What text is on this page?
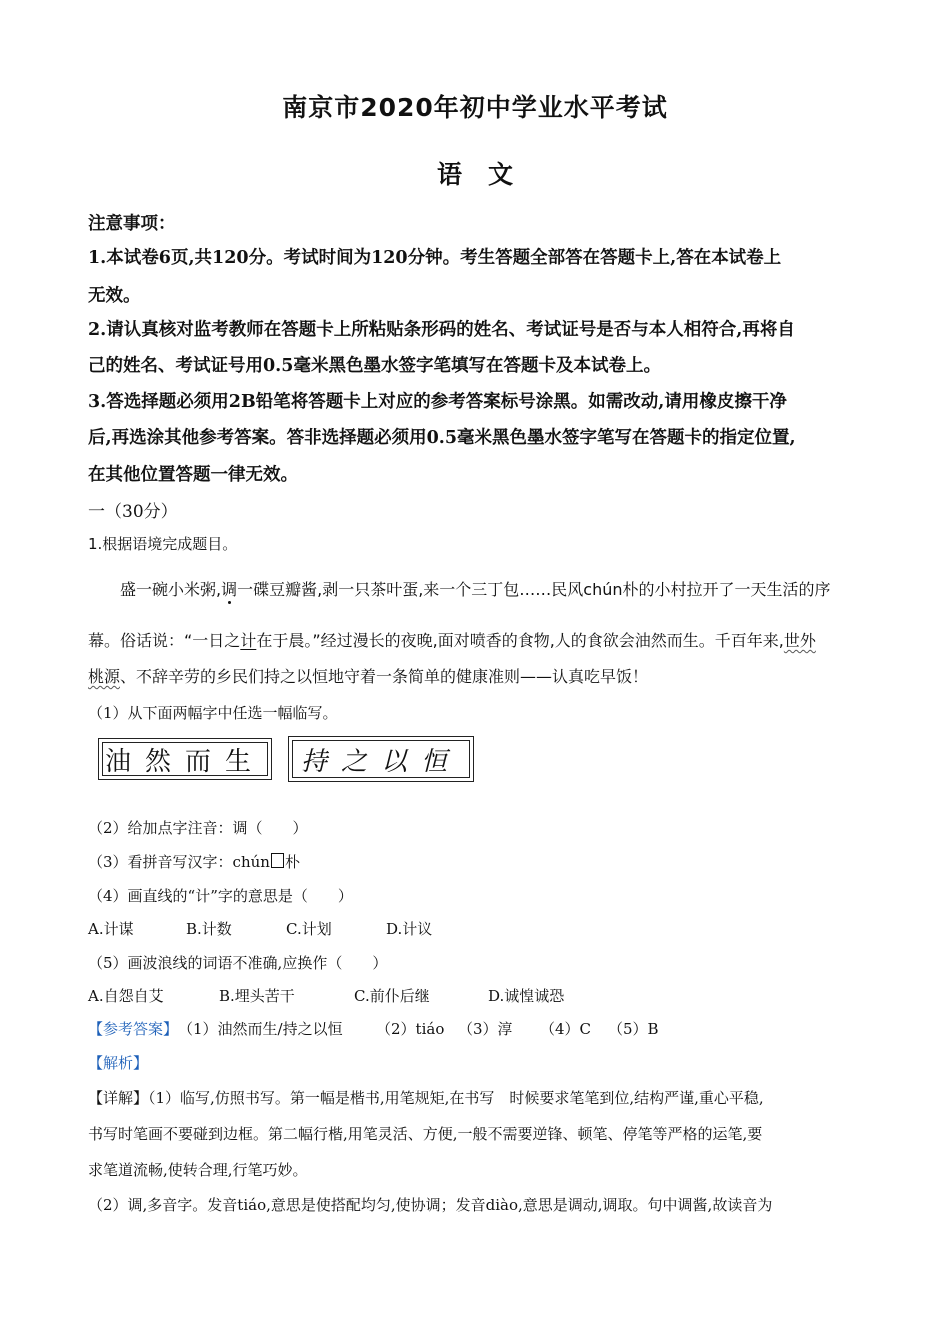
南京市2020年初中学业水平考试
语文
注意事项：
1.本试卷6页,共120分。考试时间为120分钟。考生答题全部答在答题卡上,答在本试卷上
无效。
2.请认真核对监考教师在答题卡上所粘贴条形码的姓名、考试证号是否与本人相符合,再将自
己的姓名、考试证号用0.5毫米黑色墨水签字笔填写在答题卡及本试卷上。
3.答选择题必须用2B铅笔将答题卡上对应的参考答案标号涂黑。如需改动,请用橡皮擦干净
后,再选涂其他参考答案。答非选择题必须用0.5毫米黑色墨水签字笔写在答题卡的指定位置,
在其他位置答题一律无效。
一（30分）
1.根据语境完成题目。
盛一碗小米粥,调一碟豆瓣酱,剥一只茶叶蛋,来一个三丁包……民风chún朴的小村拉开了一天生活的序
幕。俗话说：“一日之计在于晨。”经过漫长的夜晚,面对喷香的食物,人的食欲会油然而生。千百年来,世外
桃源、不辞辛劳的乡民们持之以恒地守着一条简单的健康准则——认真吃早饭！
（1）从下面两幅字中任选一幅临写。
油然而生	持之以恒
（2）给加点字注音：调（　　）
（3）看拼音写汉字：chún 朴
（4）画直线的“计”字的意思是（　　）
A.计谋	B.计数	C.计划	D.计议
（5）画波浪线的词语不准确,应换作（　　）
A.自怨自艾	B.埋头苦干	C.前仆后继	D.诚惶诚恐
【参考答案】（1）油然而生/持之以恒 （2）tiáo （3）淳 （4）C （5）B
【解析】
【详解】（1）临写,仿照书写。第一幅是楷书,用笔规矩,在书写　时候要求笔笔到位,结构严谨,重心平稳,
书写时笔画不要碰到边框。第二幅行楷,用笔灵活、方便,一般不需要逆锋、顿笔、停笔等严格的运笔,要
求笔道流畅,使转合理,行笔巧妙。
（2）调,多音字。发音tiáo,意思是使搭配均匀,使协调；发音diào,意思是调动,调取。句中调酱,故读音为
